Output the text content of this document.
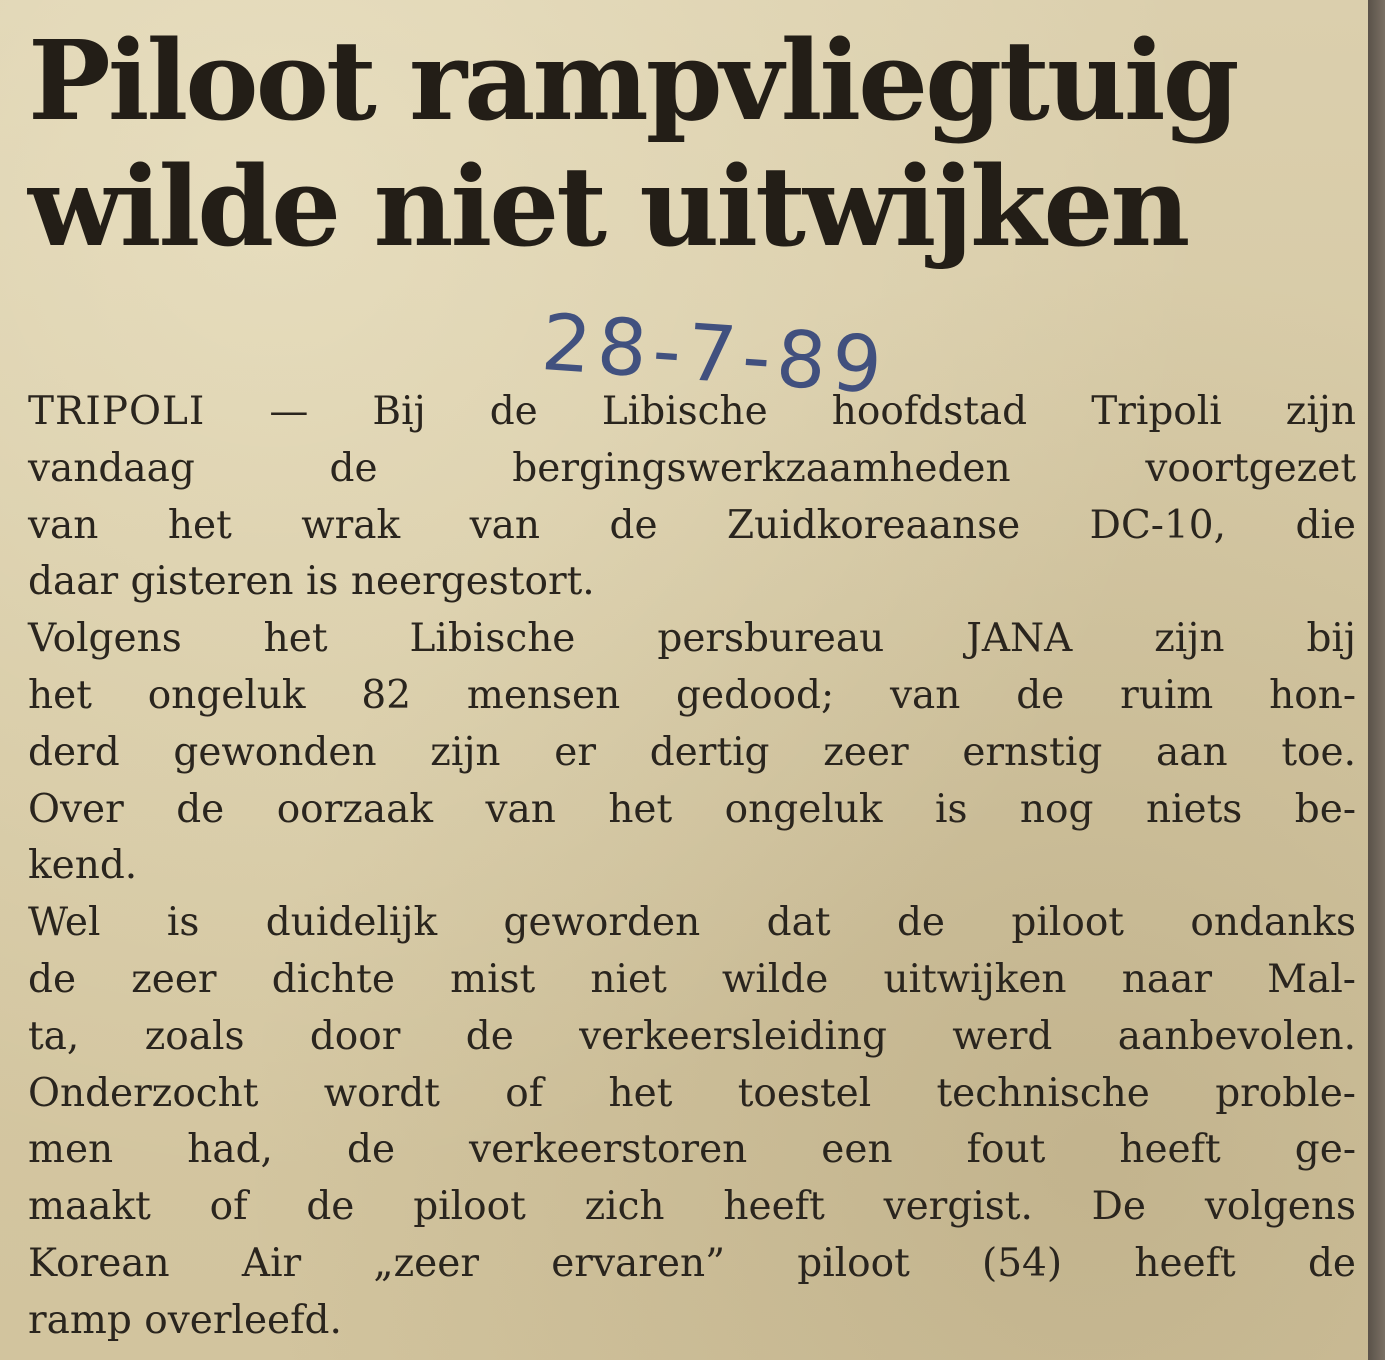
Piloot rampvliegtuig
wilde niet uitwijken
28-7-89
TRIPOLI — Bij de Libische hoofdstad Tripoli zijn
vandaag de bergingswerkzaamheden voortgezet
van het wrak van de Zuidkoreaanse DC-10, die
daar gisteren is neergestort.
Volgens het Libische persbureau JANA zijn bij
het ongeluk 82 mensen gedood; van de ruim hon-
derd gewonden zijn er dertig zeer ernstig aan toe.
Over de oorzaak van het ongeluk is nog niets be-
kend.
Wel is duidelijk geworden dat de piloot ondanks
de zeer dichte mist niet wilde uitwijken naar Mal-
ta, zoals door de verkeersleiding werd aanbevolen.
Onderzocht wordt of het toestel technische proble-
men had, de verkeerstoren een fout heeft ge-
maakt of de piloot zich heeft vergist. De volgens
Korean Air „zeer ervaren” piloot (54) heeft de
ramp overleefd.
